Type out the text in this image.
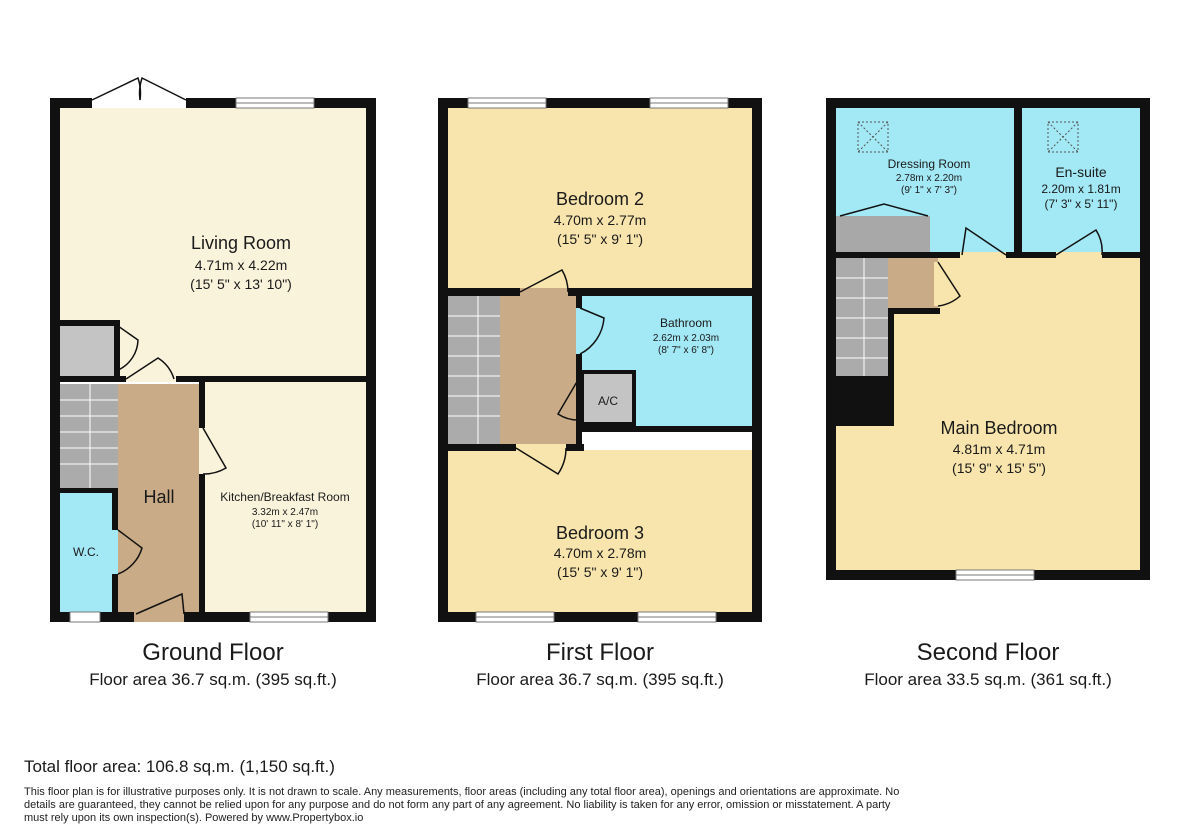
Living Room
4.71m x 4.22m
(15' 5" x 13' 10")
Kitchen/Breakfast Room
3.32m x 2.47m
(10' 11" x 8' 1")
Hall
W.C.
Bedroom 2
4.70m x 2.77m
(15' 5" x 9' 1")
Bathroom
2.62m x 2.03m
(8' 7" x 6' 8")
A/C
Bedroom 3
4.70m x 2.78m
(15' 5" x 9' 1")
Dressing Room
2.78m x 2.20m
(9' 1" x 7' 3")
En-suite
2.20m x 1.81m
(7' 3" x 5' 11")
Main Bedroom
4.81m x 4.71m
(15' 9" x 15' 5")
Ground Floor
Floor area 36.7 sq.m. (395 sq.ft.)
First Floor
Floor area 36.7 sq.m. (395 sq.ft.)
Second Floor
Floor area 33.5 sq.m. (361 sq.ft.)
Total floor area: 106.8 sq.m. (1,150 sq.ft.)
This floor plan is for illustrative purposes only. It is not drawn to scale. Any measurements, floor areas (including any total floor area), openings and orientations are approximate. No details are guaranteed, they cannot be relied upon for any purpose and do not form any part of any agreement. No liability is taken for any error, omission or misstatement. A party must rely upon its own inspection(s). Powered by www.Propertybox.io
